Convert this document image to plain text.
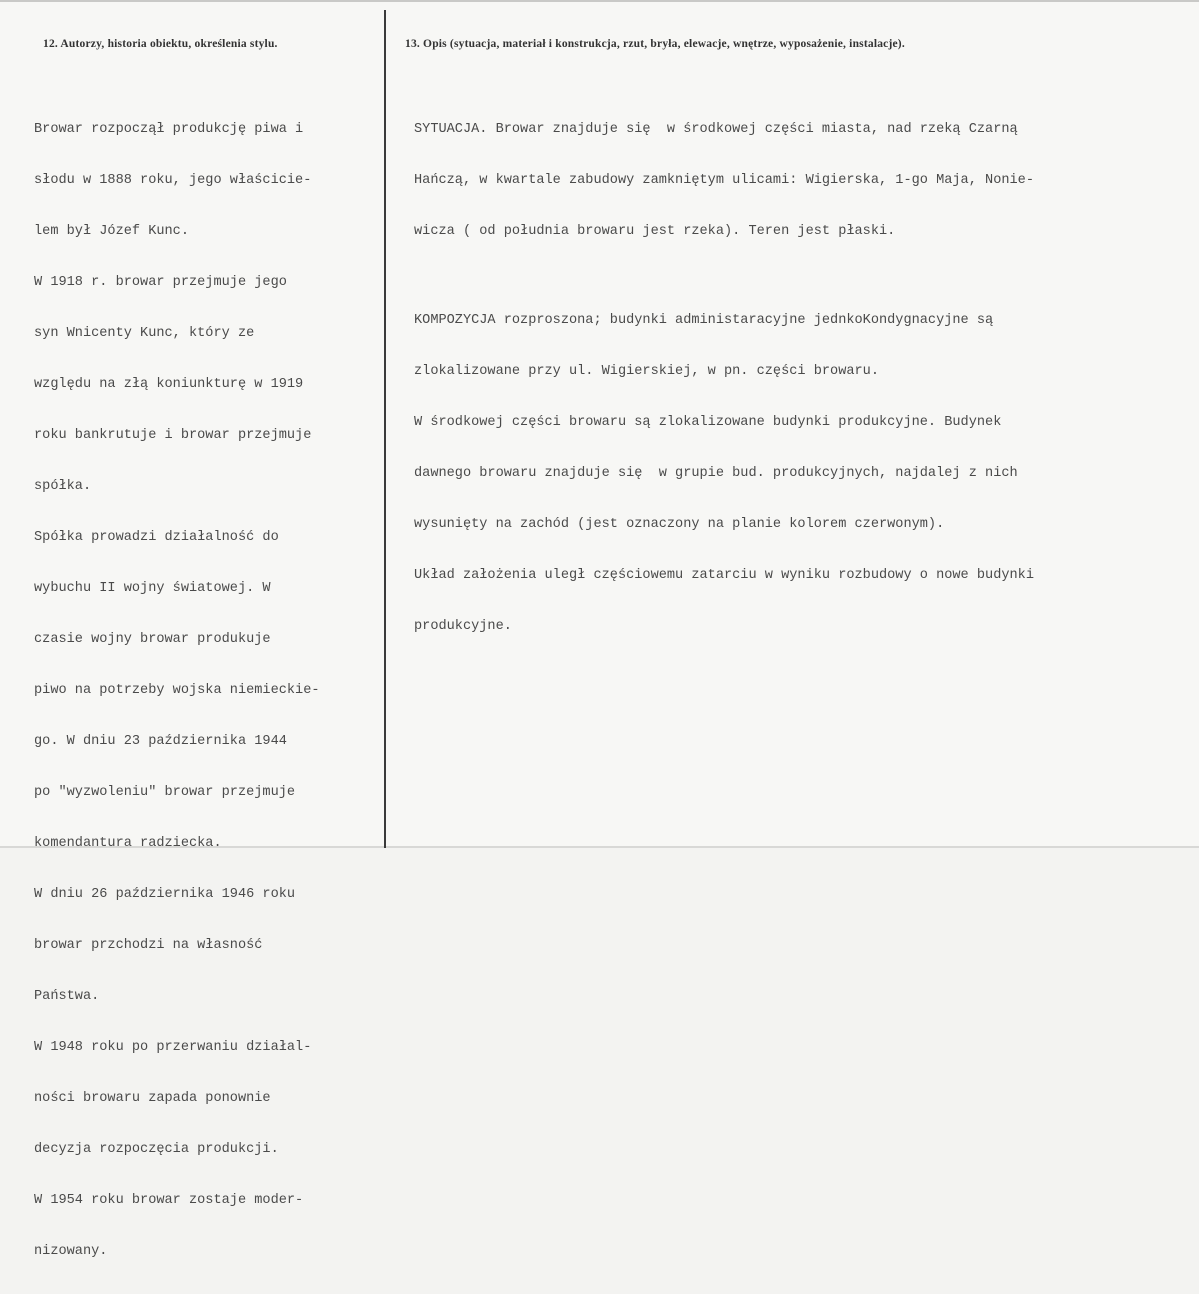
12. Autorzy, historia obiektu, określenia stylu.	13. Opis (sytuacja, materiał i konstrukcja, rzut, bryła, elewacje, wnętrze, wyposażenie, instalacje).

Browar rozpoczął produkcję piwa i

słodu w 1888 roku, jego właściciе-

lem był Józef Kunc.

W 1918 r. browar przejmuje jego

syn Wnicenty Kunc, który ze

względu na złą koniunkturę w 1919

roku bankrutuje i browar przejmuje

spółka.

Spółka prowadzi działalność do

wybuchu II wojny światowej. W

czasie wojny browar produkuje

piwo na potrzeby wojska niemieckie-

go. W dniu 23 października 1944

po "wyzwoleniu" browar przejmuje

komendantura radziecka.

W dniu 26 października 1946 roku

browar przchodzi na własność

Państwa.

W 1948 roku po przerwaniu działal-

ności browaru zapada ponownie

decyzja rozpoczęcia produkcji.

W 1954 roku browar zostaje moder-

nizowany.

SYTUACJA. Browar znajduje się  w środkowej części miasta, nad rzeką Czarną

Hańczą, w kwartale zabudowy zamkniętym ulicami: Wigierska, 1-go Maja, Nonie-

wicza ( od południa browaru jest rzeka). Teren jest płaski.

KOMPOZYCJA rozproszona; budynki administaracyjne jednkoKondygnacyjne są

zlokalizowane przy ul. Wigierskiej, w pn. części browaru.

W środkowej części browaru są zlokalizowane budynki produkcyjne. Budynek

dawnego browaru znajduje się  w grupie bud. produkcyjnych, najdalej z nich

wysunięty na zachód (jest oznaczony na planie kolorem czerwonym).

Układ założenia uległ częściowemu zatarciu w wyniku rozbudowy o nowe budynki

produkcyjne.
